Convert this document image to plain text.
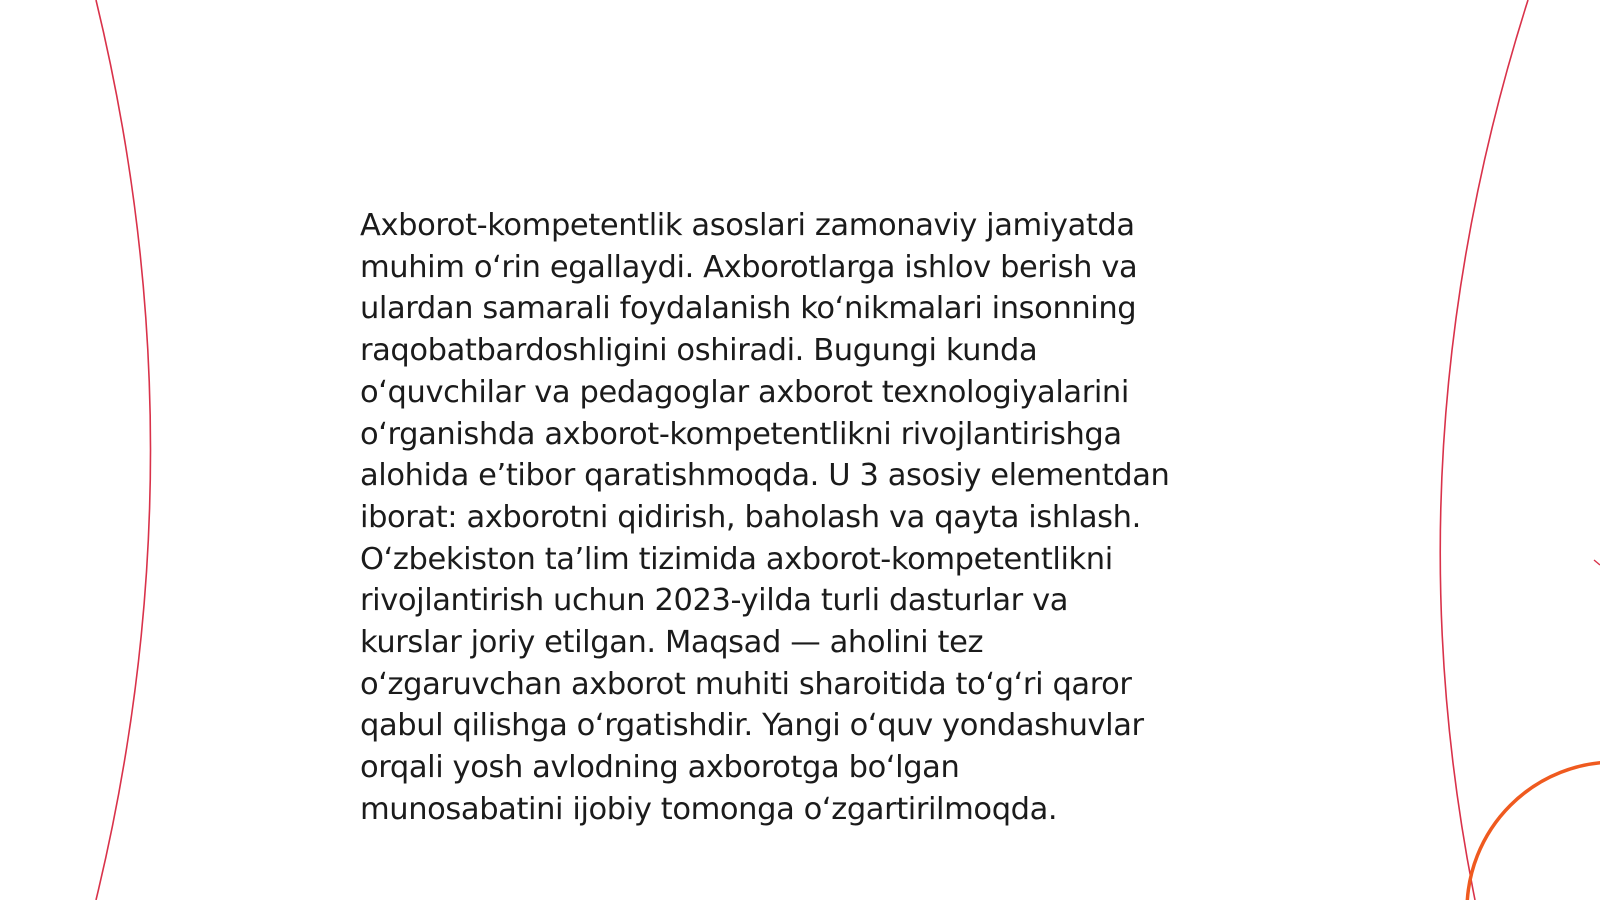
Axborot-kompetentlik asoslari zamonaviy jamiyatda
muhim oʻrin egallaydi. Axborotlarga ishlov berish va
ulardan samarali foydalanish koʻnikmalari insonning
raqobatbardoshligini oshiradi. Bugungi kunda
oʻquvchilar va pedagoglar axborot texnologiyalarini
oʻrganishda axborot-kompetentlikni rivojlantirishga
alohida eʼtibor qaratishmoqda. U 3 asosiy elementdan
iborat: axborotni qidirish, baholash va qayta ishlash.
Oʻzbekiston taʼlim tizimida axborot-kompetentlikni
rivojlantirish uchun 2023-yilda turli dasturlar va
kurslar joriy etilgan. Maqsad — aholini tez
oʻzgaruvchan axborot muhiti sharoitida toʻgʻri qaror
qabul qilishga oʻrgatishdir. Yangi oʻquv yondashuvlar
orqali yosh avlodning axborotga boʻlgan
munosabatini ijobiy tomonga oʻzgartirilmoqda.
